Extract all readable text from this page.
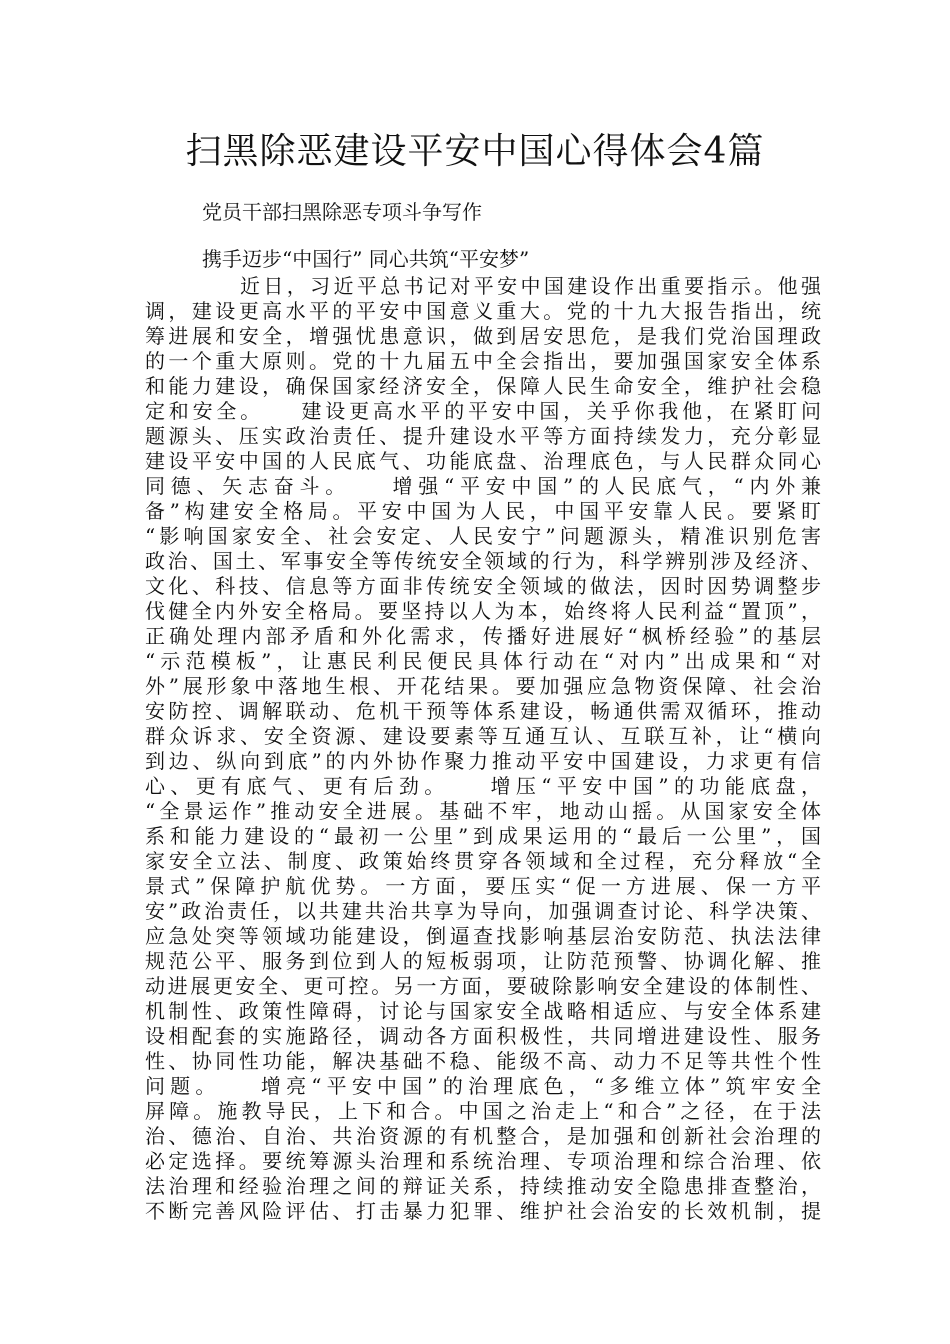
扫黑除恶建设平安中国心得体会4篇

党员干部扫黑除恶专项斗争写作

携手迈步“中国行” 同心共筑“平安梦”

近日，习近平总书记对平安中国建设作出重要指示。他强
调，建设更高水平的平安中国意义重大。党的十九大报告指出，统
筹进展和安全，增强忧患意识，做到居安思危，是我们党治国理政
的一个重大原则。党的十九届五中全会指出，要加强国家安全体系
和能力建设，确保国家经济安全，保障人民生命安全，维护社会稳
定和安全。　　建设更高水平的平安中国，关乎你我他，在紧盯问
题源头、压实政治责任、提升建设水平等方面持续发力，充分彰显
建设平安中国的人民底气、功能底盘、治理底色，与人民群众同心
同德、矢志奋斗。　　增强“平安中国”的人民底气，“内外兼
备”构建安全格局。平安中国为人民，中国平安靠人民。要紧盯
“影响国家安全、社会安定、人民安宁”问题源头，精准识别危害
政治、国土、军事安全等传统安全领域的行为，科学辨别涉及经济、
文化、科技、信息等方面非传统安全领域的做法，因时因势调整步
伐健全内外安全格局。要坚持以人为本，始终将人民利益“置顶”，
正确处理内部矛盾和外化需求，传播好进展好“枫桥经验”的基层
“示范模板”，让惠民利民便民具体行动在“对内”出成果和“对
外”展形象中落地生根、开花结果。要加强应急物资保障、社会治
安防控、调解联动、危机干预等体系建设，畅通供需双循环，推动
群众诉求、安全资源、建设要素等互通互认、互联互补，让“横向
到边、纵向到底”的内外协作聚力推动平安中国建设，力求更有信
心、更有底气、更有后劲。　　增压“平安中国”的功能底盘，
“全景运作”推动安全进展。基础不牢，地动山摇。从国家安全体
系和能力建设的“最初一公里”到成果运用的“最后一公里”，国
家安全立法、制度、政策始终贯穿各领域和全过程，充分释放“全
景式”保障护航优势。一方面，要压实“促一方进展、保一方平
安”政治责任，以共建共治共享为导向，加强调查讨论、科学决策、
应急处突等领域功能建设，倒逼查找影响基层治安防范、执法法律
规范公平、服务到位到人的短板弱项，让防范预警、协调化解、推
动进展更安全、更可控。另一方面，要破除影响安全建设的体制性、
机制性、政策性障碍，讨论与国家安全战略相适应、与安全体系建
设相配套的实施路径，调动各方面积极性，共同增进建设性、服务
性、协同性功能，解决基础不稳、能级不高、动力不足等共性个性
问题。　　增亮“平安中国”的治理底色，“多维立体”筑牢安全
屏障。施教导民，上下和合。中国之治走上“和合”之径，在于法
治、德治、自治、共治资源的有机整合，是加强和创新社会治理的
必定选择。要统筹源头治理和系统治理、专项治理和综合治理、依
法治理和经验治理之间的辩证关系，持续推动安全隐患排查整治，
不断完善风险评估、打击暴力犯罪、维护社会治安的长效机制，提
